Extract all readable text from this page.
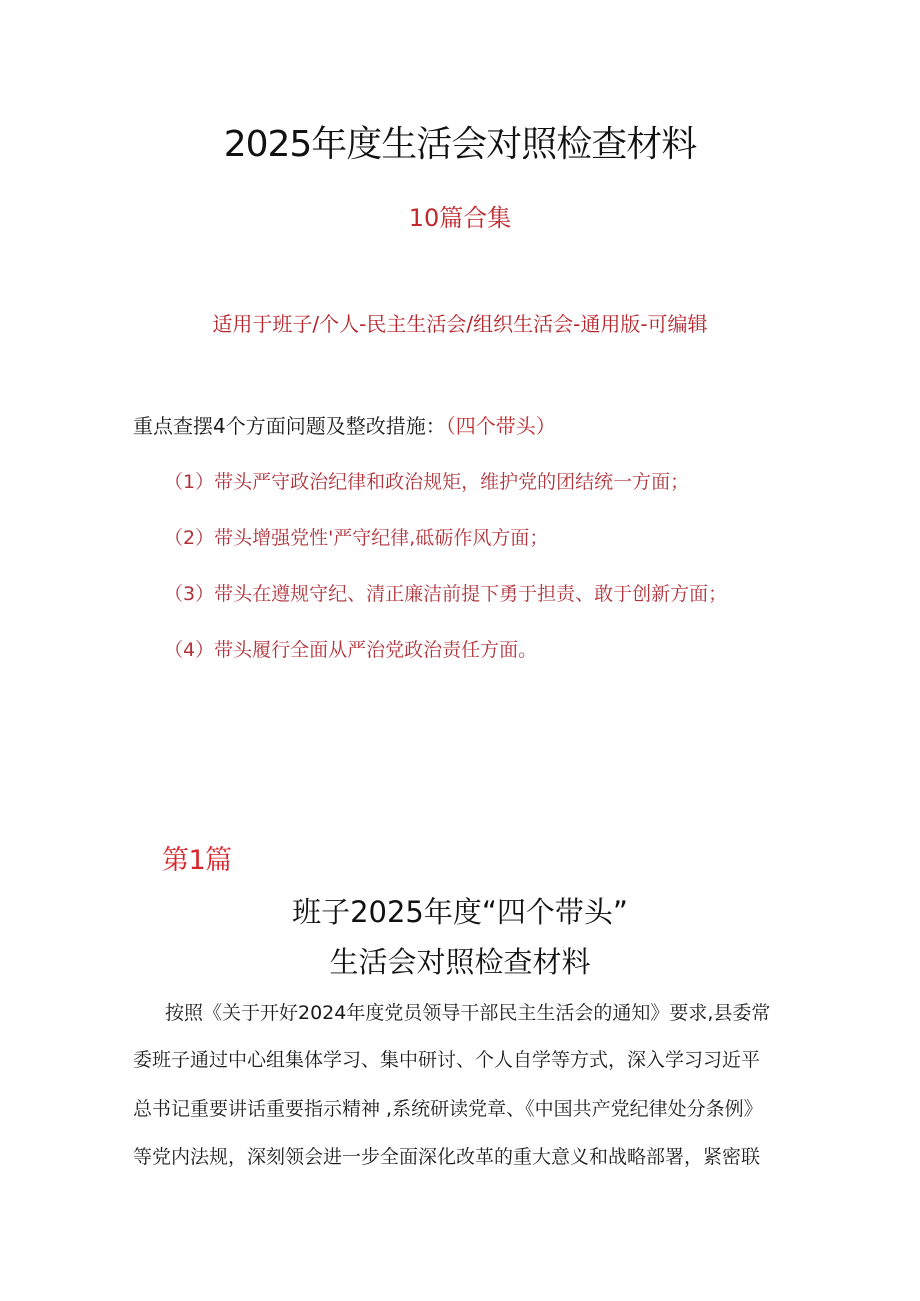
2025年度生活会对照检查材料
10篇合集
适用于班子/个人-民主生活会/组织生活会-通用版-可编辑
重点查摆4个方面问题及整改措施：（四个带头）
（1）带头严守政治纪律和政治规矩，维护党的团结统一方面；
（2）带头增强党性'严守纪律,砥砺作风方面；
（3）带头在遵规守纪、清正廉洁前提下勇于担责、敢于创新方面；
（4）带头履行全面从严治党政治责任方面。
第1篇
班子2025年度“四个带头”
生活会对照检查材料
按照《关于开好2024年度党员领导干部民主生活会的通知》要求,县委常
委班子通过中心组集体学习、集中研讨、个人自学等方式，深入学习习近平
总书记重要讲话重要指示精神 ,系统研读党章、《中国共产党纪律处分条例》
等党内法规，深刻领会进一步全面深化改革的重大意义和战略部署，紧密联
